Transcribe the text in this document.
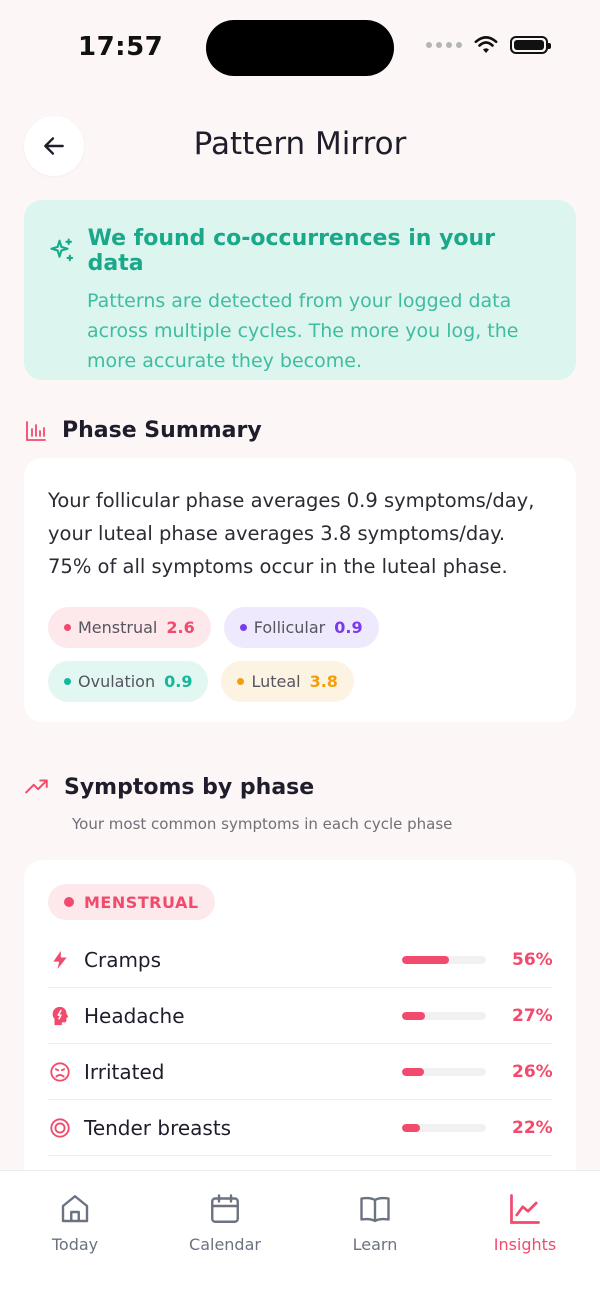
17:57
Pattern Mirror
We found co-occurrences in your data
Patterns are detected from your logged data across multiple cycles. The more you log, the more accurate they become.
Phase Summary
Your follicular phase averages 0.9 symptoms/day, your luteal phase averages 3.8 symptoms/day. 75% of all symptoms occur in the luteal phase.
Menstrual 2.6	Follicular 0.9
Ovulation 0.9	Luteal 3.8
Symptoms by phase
Your most common symptoms in each cycle phase
MENSTRUAL
Cramps	56%
Headache	27%
Irritated	26%
Tender breasts	22%
Today	Calendar	Learn	Insights
